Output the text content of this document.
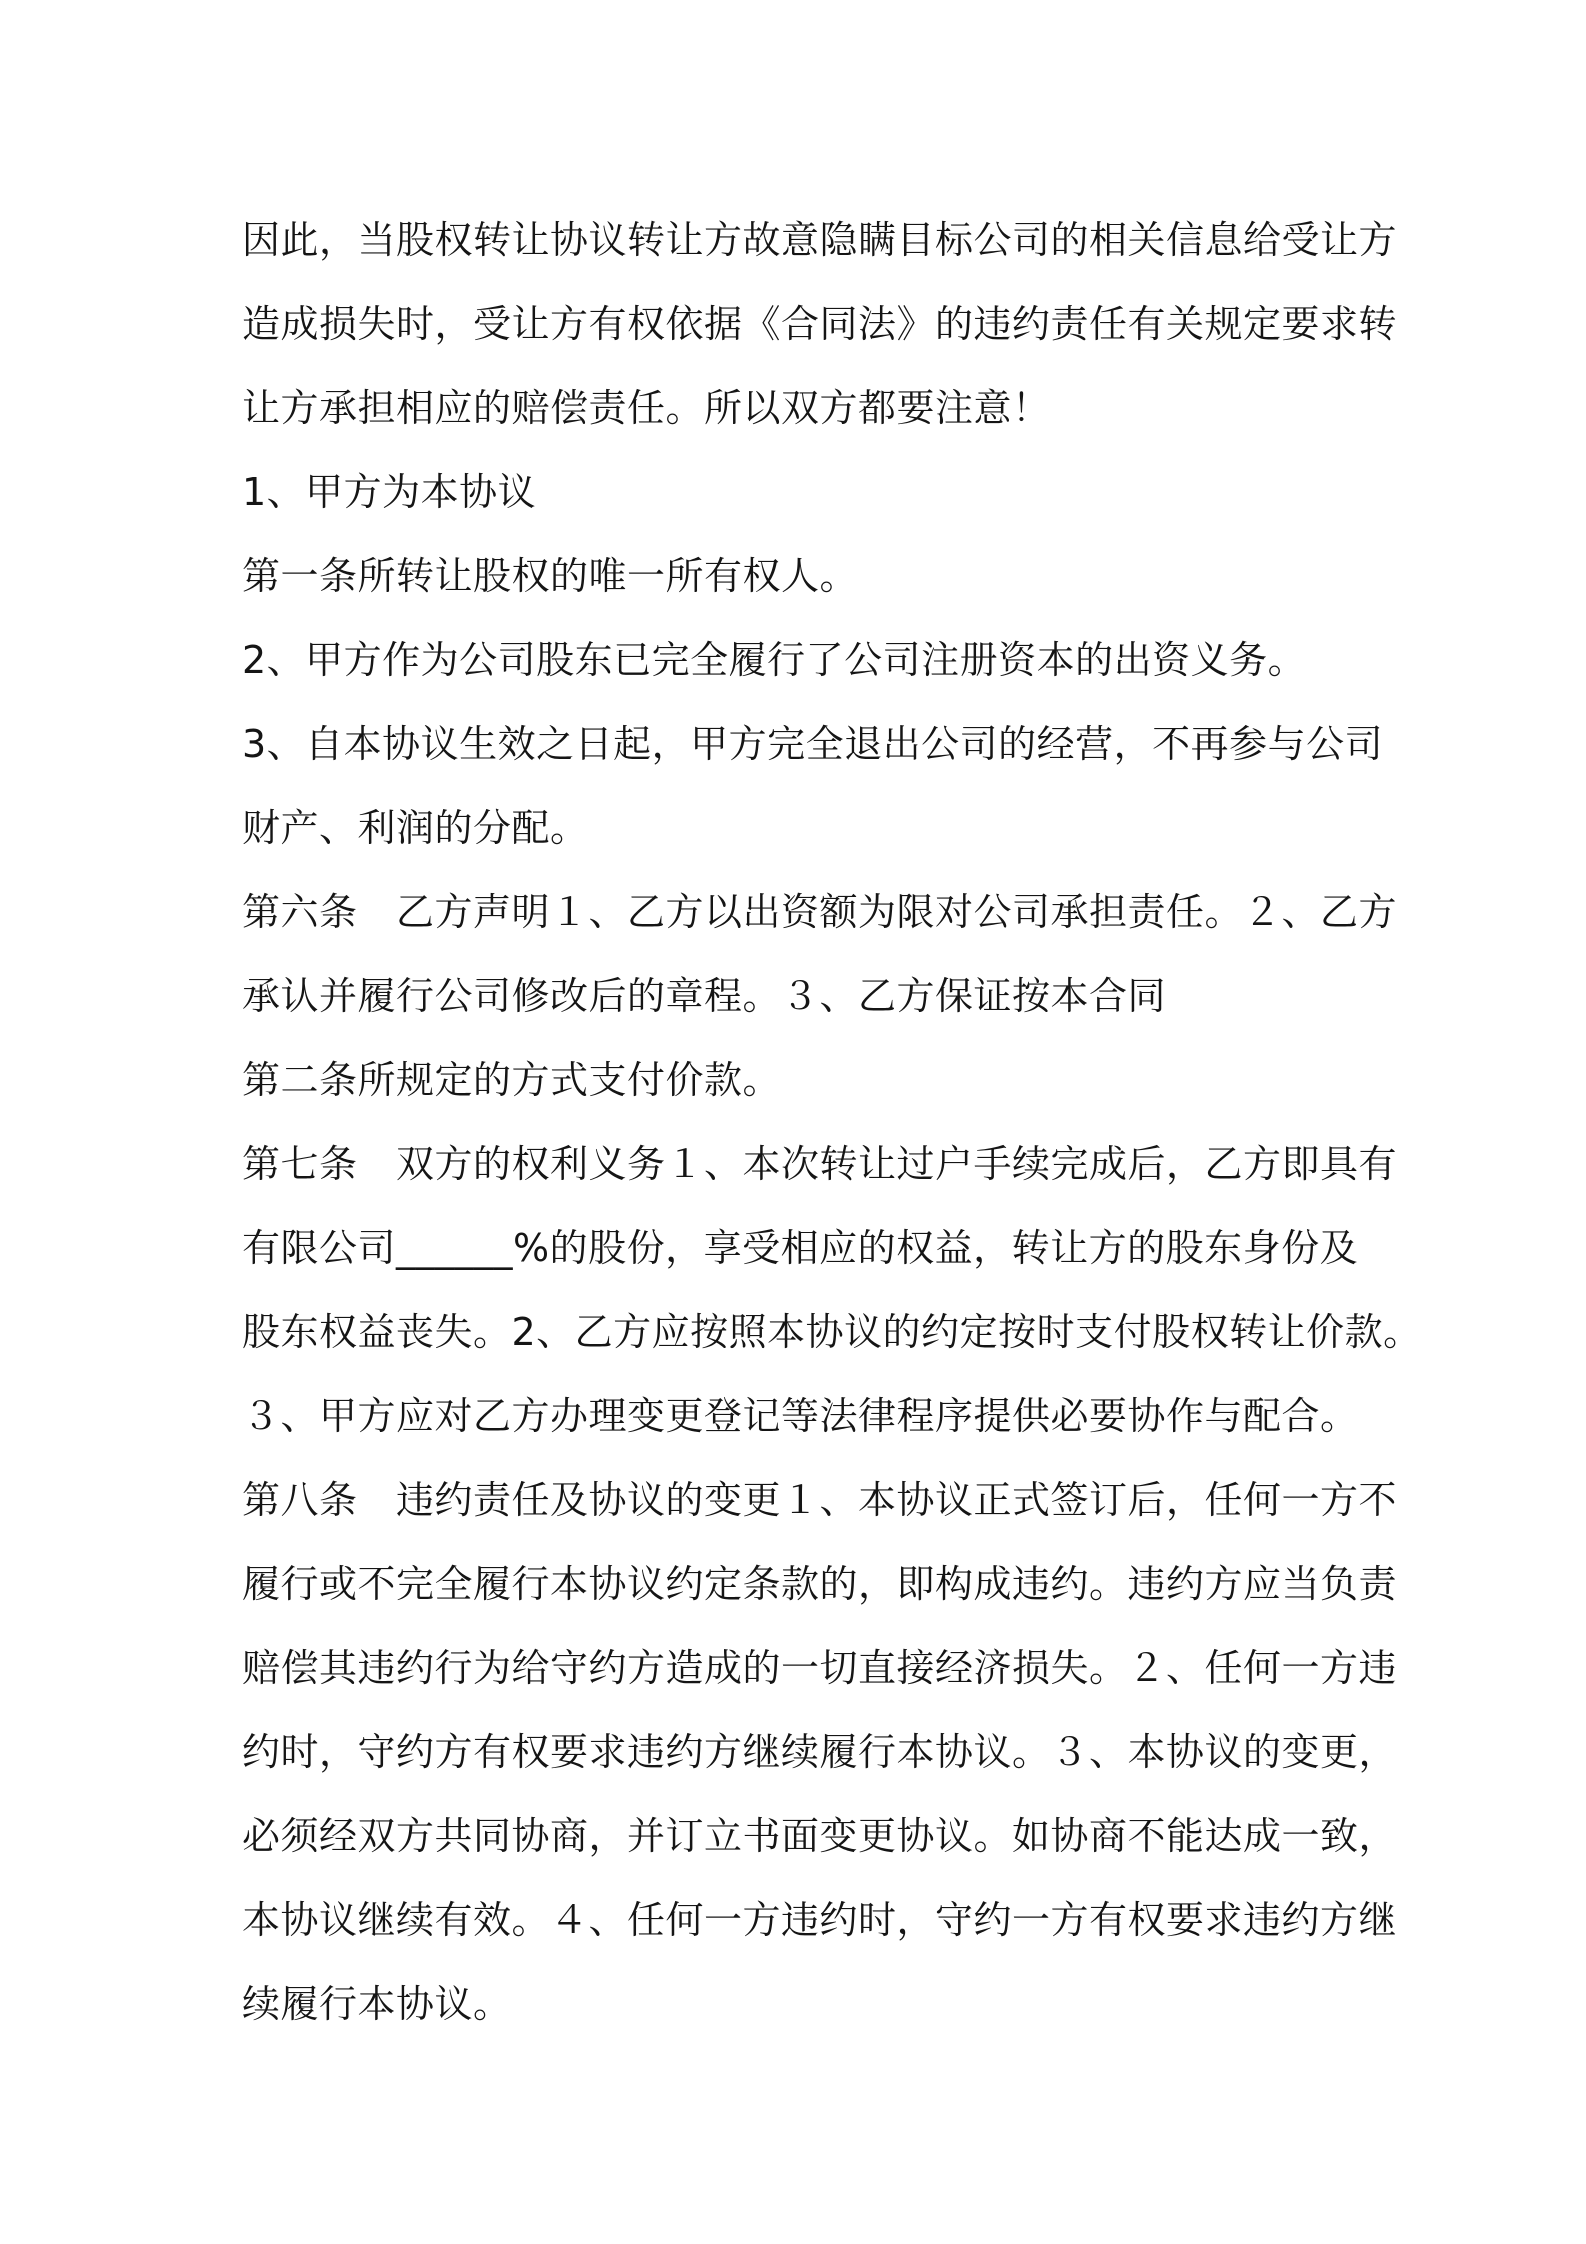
因此，当股权转让协议转让方故意隐瞒目标公司的相关信息给受让方
造成损失时，受让方有权依据《合同法》的违约责任有关规定要求转
让方承担相应的赔偿责任。所以双方都要注意！
1、甲方为本协议
第一条所转让股权的唯一所有权人。
2、甲方作为公司股东已完全履行了公司注册资本的出资义务。
3、自本协议生效之日起，甲方完全退出公司的经营，不再参与公司
财产、利润的分配。
第六条　乙方声明１、乙方以出资额为限对公司承担责任。２、乙方
承认并履行公司修改后的章程。３、乙方保证按本合同
第二条所规定的方式支付价款。
第七条　双方的权利义务１、本次转让过户手续完成后，乙方即具有
有限公司______%的股份，享受相应的权益，转让方的股东身份及
股东权益丧失。2、乙方应按照本协议的约定按时支付股权转让价款。
３、甲方应对乙方办理变更登记等法律程序提供必要协作与配合。
第八条　违约责任及协议的变更１、本协议正式签订后，任何一方不
履行或不完全履行本协议约定条款的，即构成违约。违约方应当负责
赔偿其违约行为给守约方造成的一切直接经济损失。２、任何一方违
约时，守约方有权要求违约方继续履行本协议。３、本协议的变更，
必须经双方共同协商，并订立书面变更协议。如协商不能达成一致，
本协议继续有效。４、任何一方违约时，守约一方有权要求违约方继
续履行本协议。
